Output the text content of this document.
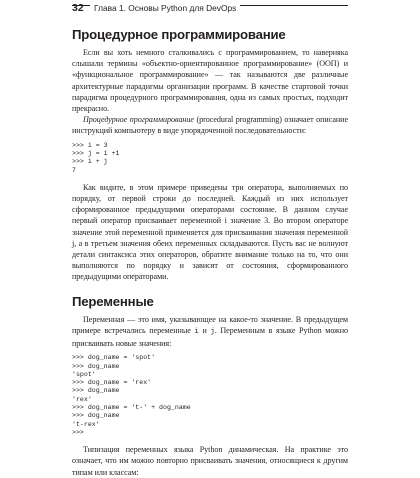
32	Глава 1. Основы Python для DevOps
Процедурное программирование

Если вы хоть немного сталкивались с программированием, то наверняка слышали термины «объектно-ориентированное программирование» (ООП) и «функциональное программирование» — так называются две различные архитектурные парадигмы организации программ. В качестве стартовой точки парадигма процедурного программирования, одна из самых простых, подходит прекрасно.

Процедурное программирование (procedural programming) означает описание инструкций компьютеру в виде упорядоченной последовательности:

>>> i = 3
>>> j = i +1
>>> i + j
7

Как видите, в этом примере приведены три оператора, выполняемых по порядку, от первой строки до последней. Каждый из них использует сформированное предыдущими операторами состояние. В данном случае первый оператор присваивает переменной i значение 3. Во втором операторе значение этой переменной применяется для присваивания значения переменной j, а в третьем значения обеих переменных складываются. Пусть вас не волнуют детали синтаксиса этих операторов, обратите внимание только на то, что они выполняются по порядку и зависят от состояния, сформированного предыдущими операторами.

Переменные

Переменная — это имя, указывающее на какое-то значение. В предыдущем примере встречались переменные i и j. Переменным в языке Python можно присваивать новые значения:

>>> dog_name = 'spot'
>>> dog_name
'spot'
>>> dog_name = 'rex'
>>> dog_name
'rex'
>>> dog_name = 't-' + dog_name
>>> dog_name
't-rex'
>>>

Типизация переменных языка Python динамическая. На практике это означает, что им можно повторно присваивать значения, относящиеся к другим типам или классам:
